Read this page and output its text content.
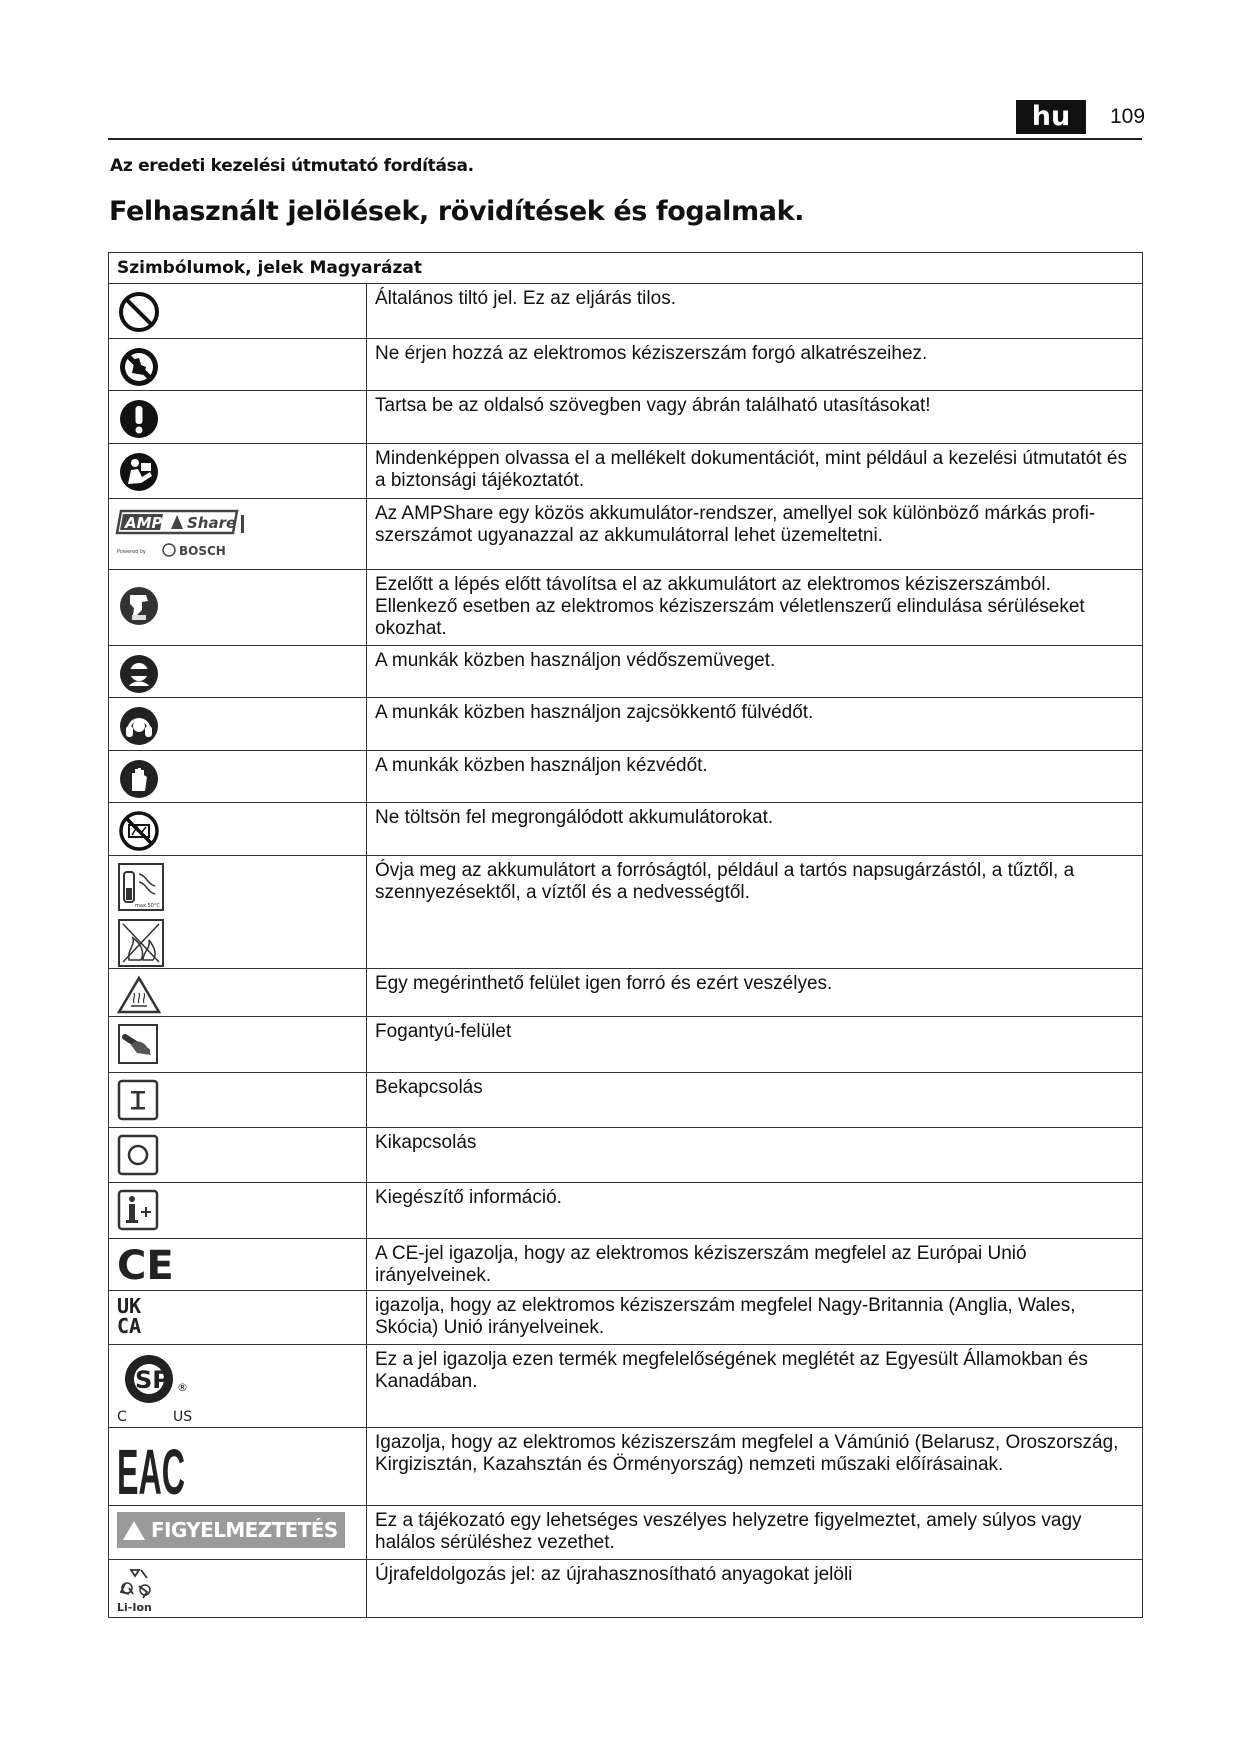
hu	109
Az eredeti kezelési útmutató fordítása.
Felhasznált jelölések, rövidítések és fogalmak.
Szimbólumok, jelek Magyarázat	

	Általános tiltó jel. Ez az eljárás tilos.

	Ne érjen hozzá az elektromos kéziszerszám forgó alkatrészeihez.

	Tartsa be az oldalsó szövegben vagy ábrán található utasításokat!

	Mindenképpen olvassa el a mellékelt dokumentációt, mint például a kezelési útmutatót és a biztonsági tájékoztatót.

AMP Share
Powered by BOSCH	Az AMPShare egy közös akkumulátor-rendszer, amellyel sok különböző márkás profi-szerszámot ugyanazzal az akkumulátorral lehet üzemeltetni.

	Ezelőtt a lépés előtt távolítsa el az akkumulátort az elektromos kéziszerszámból. Ellenkező esetben az elektromos kéziszerszám véletlenszerű elindulása sérüléseket okozhat.

	A munkák közben használjon védőszemüveget.

	A munkák közben használjon zajcsökkentő fülvédőt.

	A munkák közben használjon kézvédőt.

	Ne töltsön fel megrongálódott akkumulátorokat.

max.50°C	Óvja meg az akkumulátort a forróságtól, például a tartós napsugárzástól, a tűztől, a szennyezésektől, a víztől és a nedvességtől.

	Egy megérinthető felület igen forró és ezért veszélyes.

	Fogantyú-felület

	Bekapcsolás

	Kikapcsolás

	Kiegészítő információ.

CE	A CE-jel igazolja, hogy az elektromos kéziszerszám megfelel az Európai Unió irányelveinek.

UK
CA	igazolja, hogy az elektromos kéziszerszám megfelel Nagy-Britannia (Anglia, Wales, Skócia) Unió irányelveinek.

SP ®
C US	Ez a jel igazolja ezen termék megfelelőségének meglétét az Egyesült Államokban és Kanadában.

EAC	Igazolja, hogy az elektromos kéziszerszám megfelel a Vámúnió (Belarusz, Oroszország, Kirgizisztán, Kazahsztán és Örményország) nemzeti műszaki előírásainak.

FIGYELMEZTETÉS	Ez a tájékozató egy lehetséges veszélyes helyzetre figyelmeztet, amely súlyos vagy halálos sérüléshez vezethet.

Li-Ion	Újrafeldolgozás jel: az újrahasznosítható anyagokat jelöli
